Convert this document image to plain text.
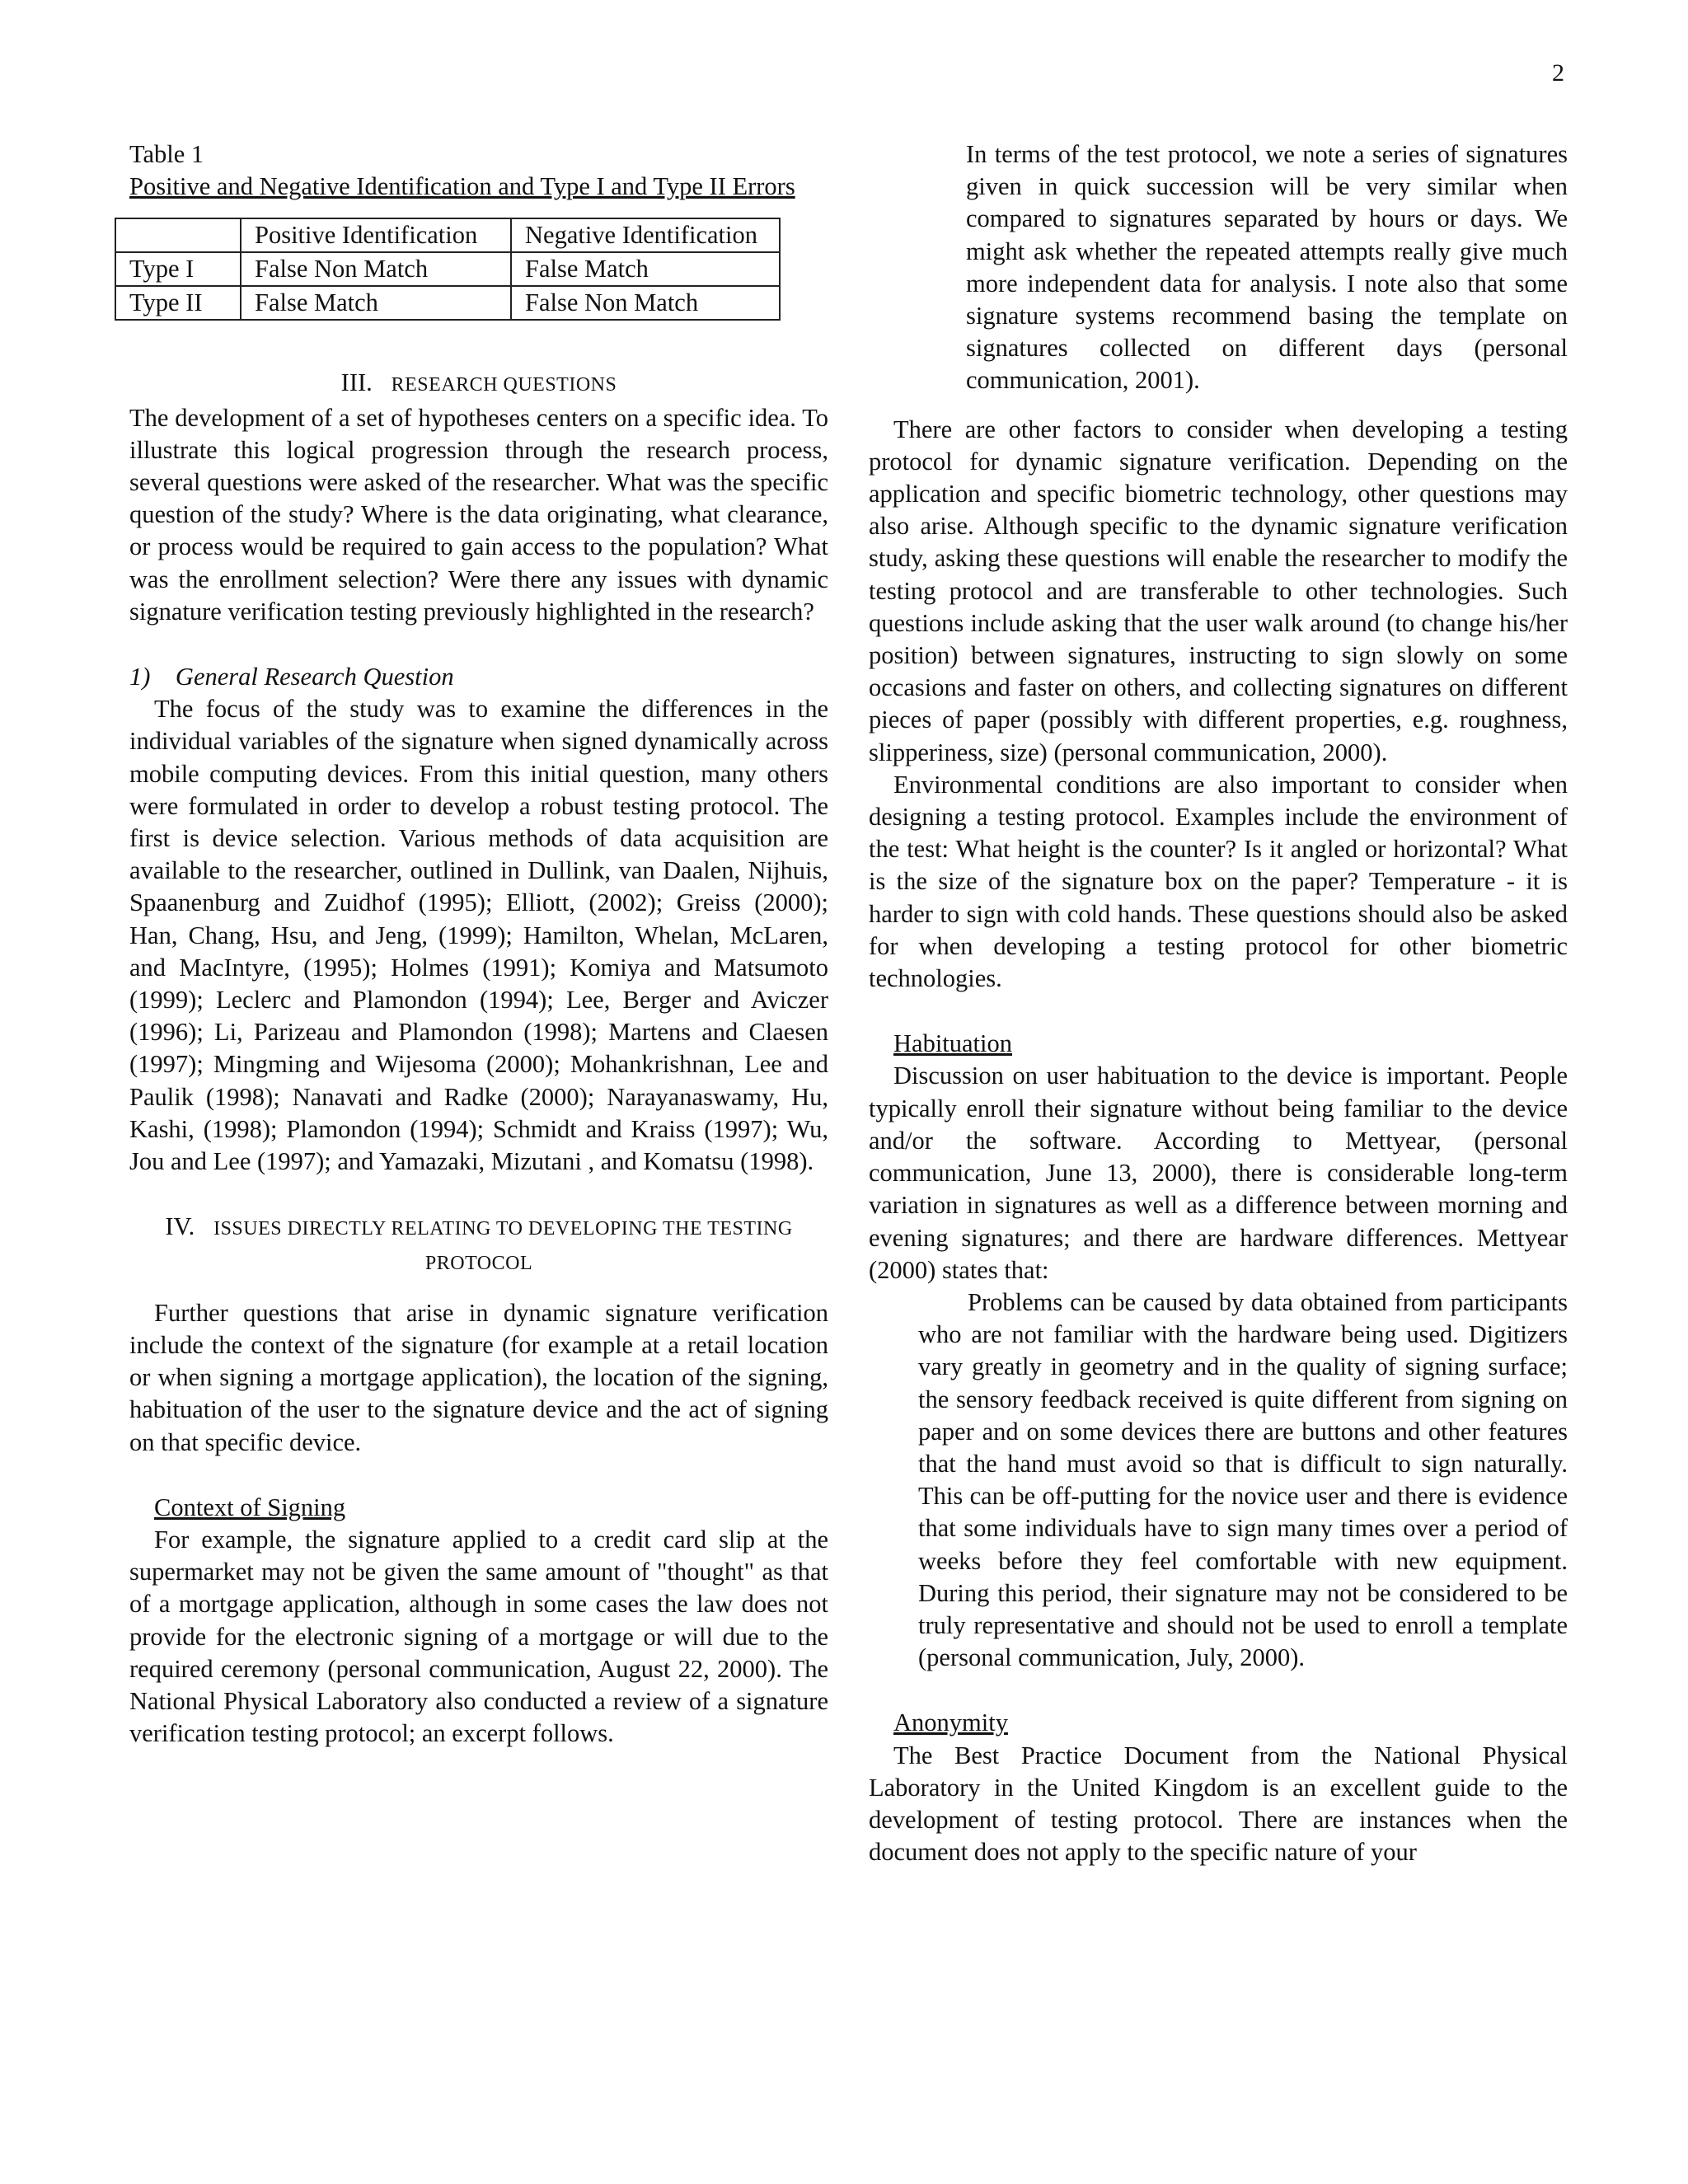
2

Table 1

Positive and Negative Identification and Type I and Type II Errors

	Positive Identification	Negative Identification
Type I	False Non Match	False Match
Type II	False Match	False Non Match
III. RESEARCH QUESTIONS

The development of a set of hypotheses centers on a specific idea. To illustrate this logical progression through the research process, several questions were asked of the researcher. What was the specific question of the study? Where is the data originating, what clearance, or process would be required to gain access to the population? What was the enrollment selection? Were there any issues with dynamic signature verification testing previously highlighted in the research?

1) General Research Question

The focus of the study was to examine the differences in the individual variables of the signature when signed dynamically across mobile computing devices. From this initial question, many others were formulated in order to develop a robust testing protocol. The first is device selection. Various methods of data acquisition are available to the researcher, outlined in Dullink, van Daalen, Nijhuis, Spaanenburg and Zuidhof (1995); Elliott, (2002); Greiss (2000); Han, Chang, Hsu, and Jeng, (1999); Hamilton, Whelan, McLaren, and MacIntyre, (1995); Holmes (1991); Komiya and Matsumoto (1999); Leclerc and Plamondon (1994); Lee, Berger and Aviczer (1996); Li, Parizeau and Plamondon (1998); Martens and Claesen (1997); Mingming and Wijesoma (2000); Mohankrishnan, Lee and Paulik (1998); Nanavati and Radke (2000); Narayanaswamy, Hu, Kashi, (1998); Plamondon (1994); Schmidt and Kraiss (1997); Wu, Jou and Lee (1997); and Yamazaki, Mizutani , and Komatsu (1998).

IV. ISSUES DIRECTLY RELATING TO DEVELOPING THE TESTING PROTOCOL

Further questions that arise in dynamic signature verification include the context of the signature (for example at a retail location or when signing a mortgage application), the location of the signing, habituation of the user to the signature device and the act of signing on that specific device.

Context of Signing

For example, the signature applied to a credit card slip at the supermarket may not be given the same amount of "thought" as that of a mortgage application, although in some cases the law does not provide for the electronic signing of a mortgage or will due to the required ceremony (personal communication, August 22, 2000). The National Physical Laboratory also conducted a review of a signature verification testing protocol; an excerpt follows.

In terms of the test protocol, we note a series of signatures given in quick succession will be very similar when compared to signatures separated by hours or days. We might ask whether the repeated attempts really give much more independent data for analysis. I note also that some signature systems recommend basing the template on signatures collected on different days (personal communication, 2001).

There are other factors to consider when developing a testing protocol for dynamic signature verification. Depending on the application and specific biometric technology, other questions may also arise. Although specific to the dynamic signature verification study, asking these questions will enable the researcher to modify the testing protocol and are transferable to other technologies. Such questions include asking that the user walk around (to change his/her position) between signatures, instructing to sign slowly on some occasions and faster on others, and collecting signatures on different pieces of paper (possibly with different properties, e.g. roughness, slipperiness, size) (personal communication, 2000).

Environmental conditions are also important to consider when designing a testing protocol. Examples include the environment of the test: What height is the counter? Is it angled or horizontal? What is the size of the signature box on the paper? Temperature - it is harder to sign with cold hands. These questions should also be asked for when developing a testing protocol for other biometric technologies.

Habituation

Discussion on user habituation to the device is important. People typically enroll their signature without being familiar to the device and/or the software. According to Mettyear, (personal communication, June 13, 2000), there is considerable long-term variation in signatures as well as a difference between morning and evening signatures; and there are hardware differences. Mettyear (2000) states that:

Problems can be caused by data obtained from participants who are not familiar with the hardware being used. Digitizers vary greatly in geometry and in the quality of signing surface; the sensory feedback received is quite different from signing on paper and on some devices there are buttons and other features that the hand must avoid so that is difficult to sign naturally. This can be off-putting for the novice user and there is evidence that some individuals have to sign many times over a period of weeks before they feel comfortable with new equipment. During this period, their signature may not be considered to be truly representative and should not be used to enroll a template (personal communication, July, 2000).

Anonymity

The Best Practice Document from the National Physical Laboratory in the United Kingdom is an excellent guide to the development of testing protocol. There are instances when the document does not apply to the specific nature of your
